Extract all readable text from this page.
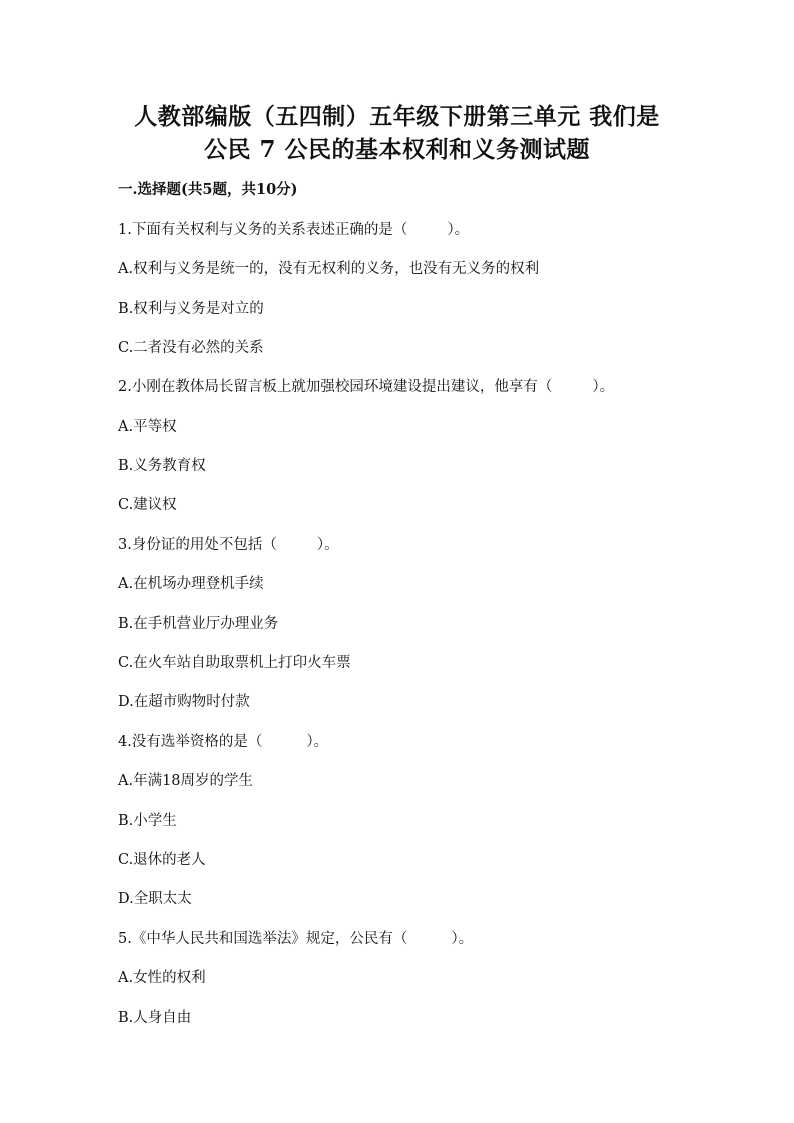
人教部编版（五四制）五年级下册第三单元 我们是
公民 7 公民的基本权利和义务测试题
一.选择题(共5题，共10分)
1.下面有关权利与义务的关系表述正确的是（	）。
A.权利与义务是统一的，没有无权利的义务，也没有无义务的权利
B.权利与义务是对立的
C.二者没有必然的关系
2.小刚在教体局长留言板上就加强校园环境建设提出建议，他享有（	）。
A.平等权
B.义务教育权
C.建议权
3.身份证的用处不包括（	）。
A.在机场办理登机手续
B.在手机营业厅办理业务
C.在火车站自助取票机上打印火车票
D.在超市购物时付款
4.没有选举资格的是（	）。
A.年满18周岁的学生
B.小学生
C.退休的老人
D.全职太太
5.《中华人民共和国选举法》规定，公民有（	）。
A.女性的权利
B.人身自由
